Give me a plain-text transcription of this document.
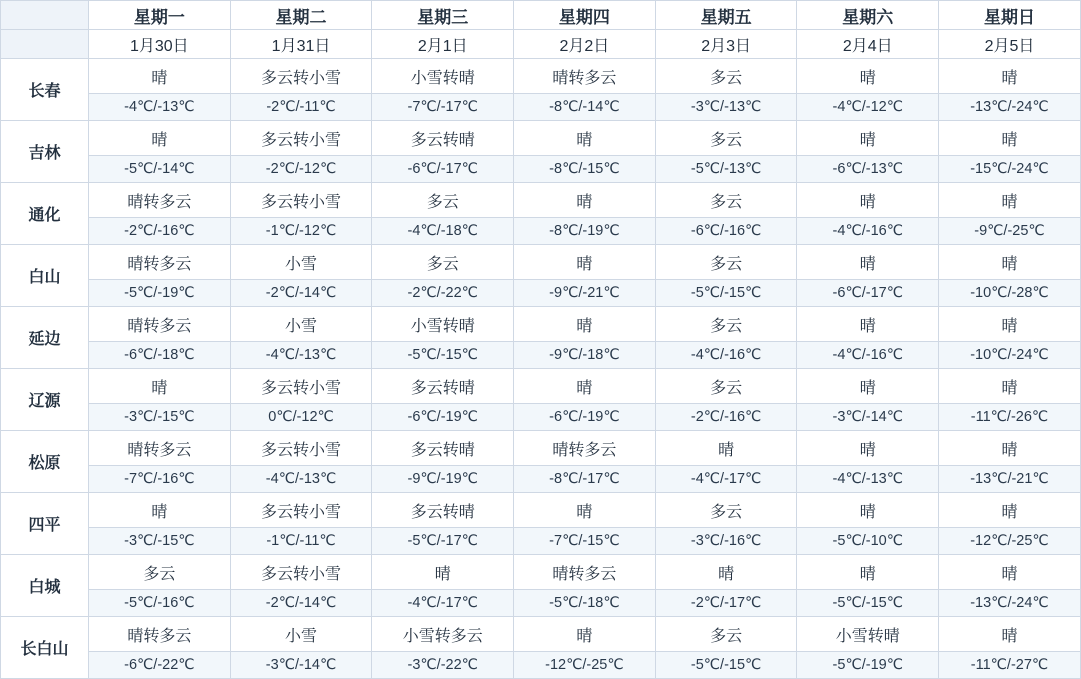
	星期一	星期二	星期三	星期四	星期五	星期六	星期日
	1月30日	1月31日	2月1日	2月2日	2月3日	2月4日	2月5日
长春	晴	多云转小雪	小雪转晴	晴转多云	多云	晴	晴
	-4℃/-13℃	-2℃/-11℃	-7℃/-17℃	-8℃/-14℃	-3℃/-13℃	-4℃/-12℃	-13℃/-24℃
吉林	晴	多云转小雪	多云转晴	晴	多云	晴	晴
	-5℃/-14℃	-2℃/-12℃	-6℃/-17℃	-8℃/-15℃	-5℃/-13℃	-6℃/-13℃	-15℃/-24℃
通化	晴转多云	多云转小雪	多云	晴	多云	晴	晴
	-2℃/-16℃	-1℃/-12℃	-4℃/-18℃	-8℃/-19℃	-6℃/-16℃	-4℃/-16℃	-9℃/-25℃
白山	晴转多云	小雪	多云	晴	多云	晴	晴
	-5℃/-19℃	-2℃/-14℃	-2℃/-22℃	-9℃/-21℃	-5℃/-15℃	-6℃/-17℃	-10℃/-28℃
延边	晴转多云	小雪	小雪转晴	晴	多云	晴	晴
	-6℃/-18℃	-4℃/-13℃	-5℃/-15℃	-9℃/-18℃	-4℃/-16℃	-4℃/-16℃	-10℃/-24℃
辽源	晴	多云转小雪	多云转晴	晴	多云	晴	晴
	-3℃/-15℃	0℃/-12℃	-6℃/-19℃	-6℃/-19℃	-2℃/-16℃	-3℃/-14℃	-11℃/-26℃
松原	晴转多云	多云转小雪	多云转晴	晴转多云	晴	晴	晴
	-7℃/-16℃	-4℃/-13℃	-9℃/-19℃	-8℃/-17℃	-4℃/-17℃	-4℃/-13℃	-13℃/-21℃
四平	晴	多云转小雪	多云转晴	晴	多云	晴	晴
	-3℃/-15℃	-1℃/-11℃	-5℃/-17℃	-7℃/-15℃	-3℃/-16℃	-5℃/-10℃	-12℃/-25℃
白城	多云	多云转小雪	晴	晴转多云	晴	晴	晴
	-5℃/-16℃	-2℃/-14℃	-4℃/-17℃	-5℃/-18℃	-2℃/-17℃	-5℃/-15℃	-13℃/-24℃
长白山	晴转多云	小雪	小雪转多云	晴	多云	小雪转晴	晴
	-6℃/-22℃	-3℃/-14℃	-3℃/-22℃	-12℃/-25℃	-5℃/-15℃	-5℃/-19℃	-11℃/-27℃
